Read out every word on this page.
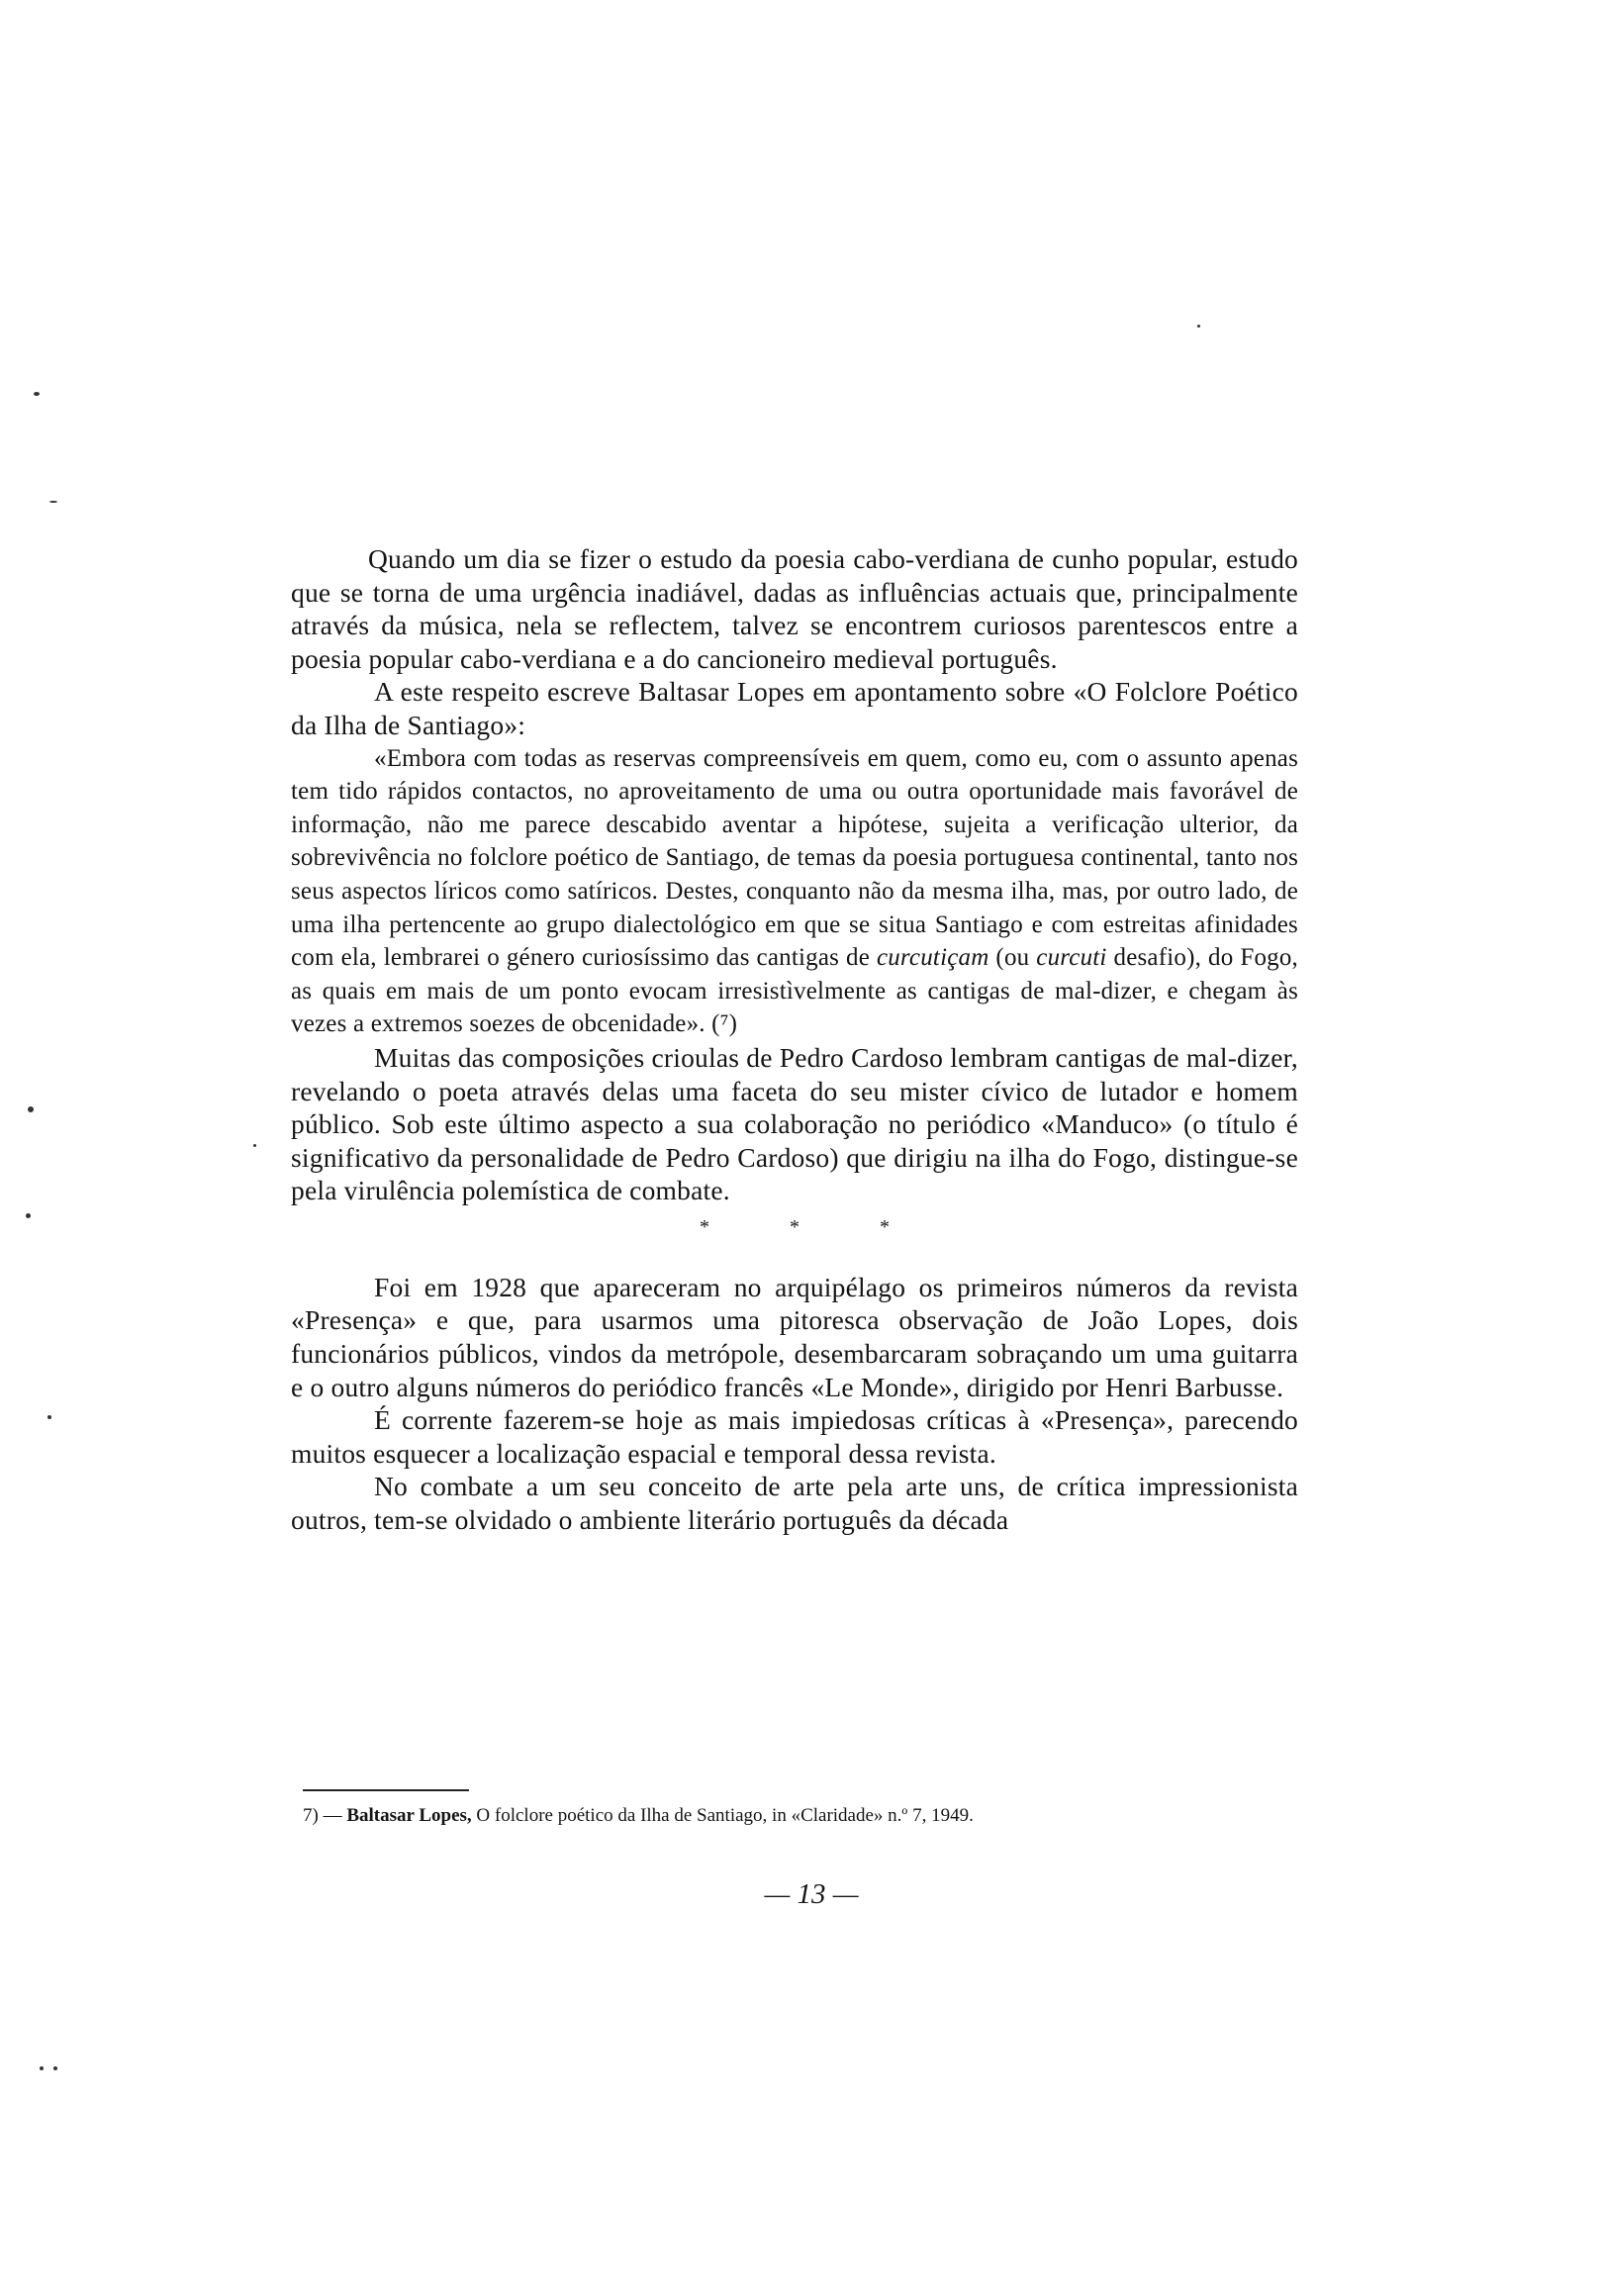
Quando um dia se fizer o estudo da poesia cabo-verdiana de cunho popular, estudo que se torna de uma urgência inadiável, dadas as influências actuais que, principalmente através da música, nela se reflectem, talvez se encontrem curiosos parentescos entre a poesia popular cabo-verdiana e a do cancioneiro medieval português.

A este respeito escreve Baltasar Lopes em apontamento sobre «O Folclore Poético da Ilha de Santiago»:

«Embora com todas as reservas compreensíveis em quem, como eu, com o assunto apenas tem tido rápidos contactos, no aproveitamento de uma ou outra oportunidade mais favorável de informação, não me parece descabido aventar a hipótese, sujeita a verificação ulterior, da sobrevivência no folclore poético de Santiago, de temas da poesia portuguesa continental, tanto nos seus aspectos líricos como satíricos. Destes, conquanto não da mesma ilha, mas, por outro lado, de uma ilha pertencente ao grupo dialectológico em que se situa Santiago e com estreitas afinidades com ela, lembrarei o género curiosíssimo das cantigas de curcutiçam (ou curcuti desafio), do Fogo, as quais em mais de um ponto evocam irresistìvelmente as cantigas de mal-dizer, e chegam às vezes a extremos soezes de obcenidade». (⁷)

Muitas das composições crioulas de Pedro Cardoso lembram cantigas de mal-dizer, revelando o poeta através delas uma faceta do seu mister cívico de lutador e homem público. Sob este último aspecto a sua colaboração no periódico «Manduco» (o título é significativo da personalidade de Pedro Cardoso) que dirigiu na ilha do Fogo, distingue-se pela virulência polemística de combate.

* * *

Foi em 1928 que apareceram no arquipélago os primeiros números da revista «Presença» e que, para usarmos uma pitoresca observação de João Lopes, dois funcionários públicos, vindos da metrópole, desembarcaram sobraçando um uma guitarra e o outro alguns números do periódico francês «Le Monde», dirigido por Henri Barbusse.

É corrente fazerem-se hoje as mais impiedosas críticas à «Presença», parecendo muitos esquecer a localização espacial e temporal dessa revista.

No combate a um seu conceito de arte pela arte uns, de crítica impressionista outros, tem-se olvidado o ambiente literário português da década

7) — Baltasar Lopes, O folclore poético da Ilha de Santiago, in «Claridade» n.º 7, 1949.
— 13 —
